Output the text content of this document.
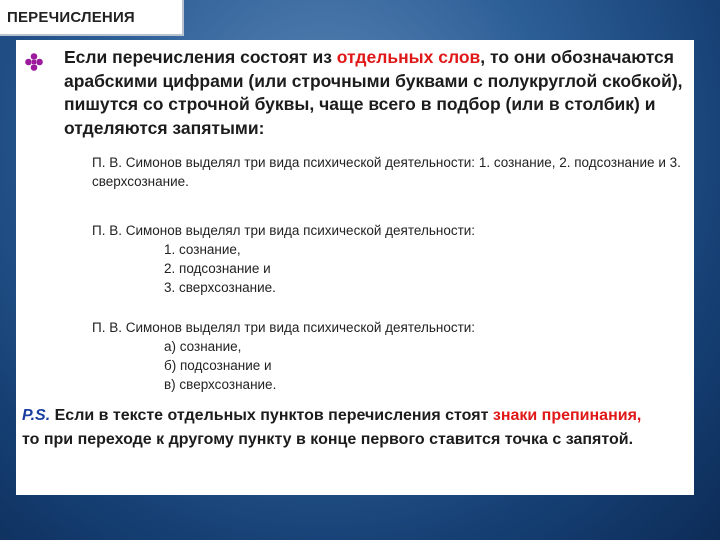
ПЕРЕЧИСЛЕНИЯ
Если перечисления состоят из отдельных слов, то они обозначаются арабскими цифрами (или строчными буквами с полукруглой скобкой), пишутся со строчной буквы, чаще всего в подбор (или в столбик) и отделяются запятыми:
П. В. Симонов выделял три вида психической деятельности: 1. сознание, 2. подсознание и 3. сверхсознание.
П. В. Симонов выделял три вида психической деятельности:
1. сознание,
2. подсознание и
3. сверхсознание.
П. В. Симонов выделял три вида психической деятельности:
а) сознание,
б) подсознание и
в) сверхсознание.
P.S. Если в тексте отдельных пунктов перечисления стоят знаки препинания, то при переходе к другому пункту в конце первого ставится точка с запятой.
